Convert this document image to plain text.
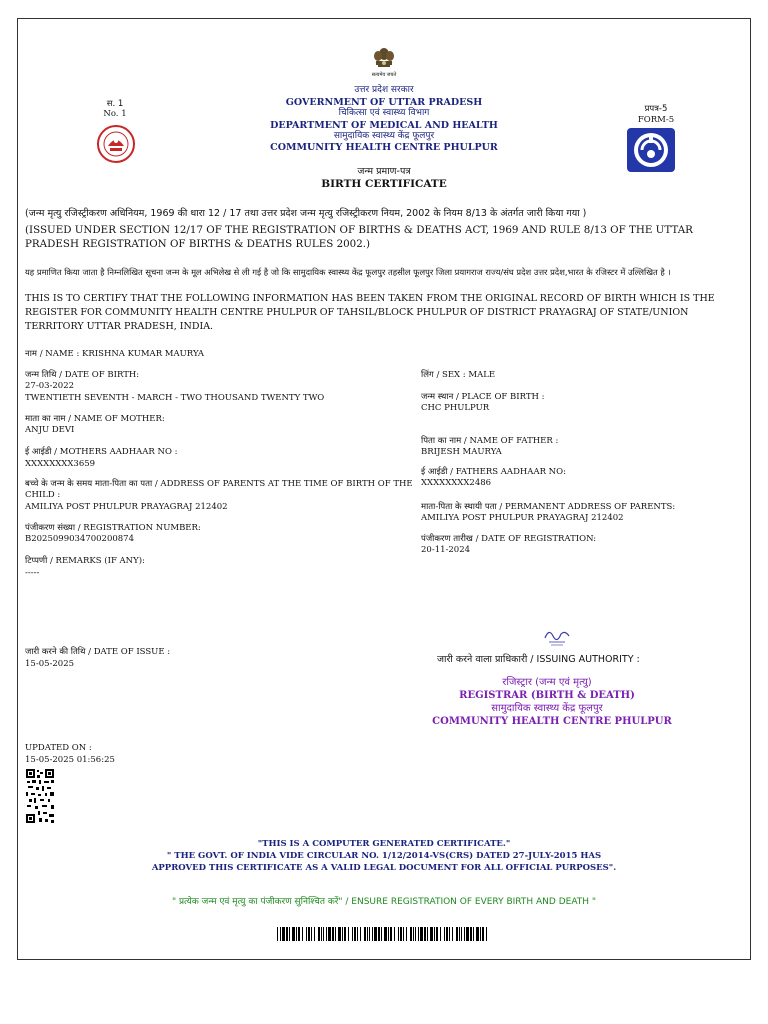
सत्यमेव जयते
उत्तर प्रदेश सरकार
GOVERNMENT OF UTTAR PRADESH
चिकित्सा एवं स्वास्थ्य विभाग
DEPARTMENT OF MEDICAL AND HEALTH
सामुदायिक स्वास्थ्य केंद्र फूलपुर
COMMUNITY HEALTH CENTRE PHULPUR
जन्म प्रमाण-पत्र
BIRTH CERTIFICATE
स. 1
No. 1	प्रपत्र-5
FORM-5
(जन्म मृत्यु रजिस्ट्रीकरण अधिनियम, 1969 की धारा 12 / 17 तथा उत्तर प्रदेश जन्म मृत्यु रजिस्ट्रीकरण नियम, 2002 के नियम 8/13 के अंतर्गत जारी किया गया )
(ISSUED UNDER SECTION 12/17 OF THE REGISTRATION OF BIRTHS & DEATHS ACT, 1969 AND RULE 8/13 OF THE UTTAR PRADESH REGISTRATION OF BIRTHS & DEATHS RULES 2002.)
यह प्रमाणित किया जाता है निम्नलिखित सूचना जन्म के मूल अभिलेख से ली गई है जो कि सामुदायिक स्वास्थ्य केंद्र फूलपुर तहसील फूलपुर जिला प्रयागराज राज्य/संघ प्रदेश उत्तर प्रदेश,भारत के रजिस्टर में उल्लिखित है ।
THIS IS TO CERTIFY THAT THE FOLLOWING INFORMATION HAS BEEN TAKEN FROM THE ORIGINAL RECORD OF BIRTH WHICH IS THE REGISTER FOR COMMUNITY HEALTH CENTRE PHULPUR OF TAHSIL/BLOCK PHULPUR OF DISTRICT PRAYAGRAJ OF STATE/UNION TERRITORY UTTAR PRADESH, INDIA.
नाम / NAME : KRISHNA KUMAR MAURYA
जन्म तिथि / DATE OF BIRTH:
27-03-2022
TWENTIETH SEVENTH - MARCH - TWO THOUSAND TWENTY TWO
माता का नाम / NAME OF MOTHER:
ANJU DEVI
ई आईडी / MOTHERS AADHAAR NO :
XXXXXXXX3659
बच्चे के जन्म के समय माता-पिता का पता / ADDRESS OF PARENTS AT THE TIME OF BIRTH OF THE CHILD :
AMILIYA POST PHULPUR PRAYAGRAJ 212402
पंजीकरण संख्या / REGISTRATION NUMBER:
B2025099034700200874
टिप्पणी / REMARKS (IF ANY):
-----
जारी करने की तिथि / DATE OF ISSUE :
15-05-2025
लिंग / SEX : MALE
जन्म स्थान / PLACE OF BIRTH :
CHC PHULPUR
पिता का नाम / NAME OF FATHER :
BRIJESH MAURYA
ई आईडी / FATHERS AADHAAR NO:
XXXXXXXX2486
माता-पिता के स्थायी पता / PERMANENT ADDRESS OF PARENTS:
AMILIYA POST PHULPUR PRAYAGRAJ 212402
पंजीकरण तारीख / DATE OF REGISTRATION:
20-11-2024
जारी करने वाला प्राधिकारी / ISSUING AUTHORITY :
रजिस्ट्रार (जन्म एवं मृत्यु)
REGISTRAR (BIRTH & DEATH)
सामुदायिक स्वास्थ्य केंद्र फूलपुर
COMMUNITY HEALTH CENTRE PHULPUR
UPDATED ON :
15-05-2025 01:56:25
"THIS IS A COMPUTER GENERATED CERTIFICATE."
" THE GOVT. OF INDIA VIDE CIRCULAR NO. 1/12/2014-VS(CRS) DATED 27-JULY-2015 HAS
APPROVED THIS CERTIFICATE AS A VALID LEGAL DOCUMENT FOR ALL OFFICIAL PURPOSES".
" प्रत्येक जन्म एवं मृत्यु का पंजीकरण सुनिश्चित करें" / ENSURE REGISTRATION OF EVERY BIRTH AND DEATH "
